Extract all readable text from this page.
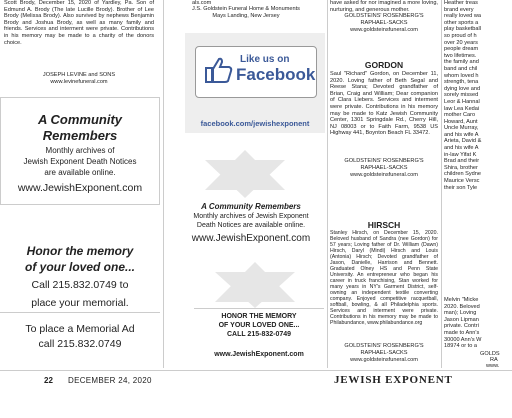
Scott Brody, December 15, 2020 of Yardley, Pa. Son of Edmund A. Brody (The late Lucille Brody). Brother of Lee Brody (Melissa Brody). Also survived by nephews Benjamin Brody and Joshua Brody, as well as many family and friends. Services and interment were private. Contributions in his memory may be made to a charity of the donors choice.

JOSEPH LEVINE and SONS

www.levinefuneral.com

A Community
Remembers
Monthly archives of
Jewish Exponent Death Notices
are available online.
www.JewishExponent.com
Honor the memory
of your loved one...
Call 215.832.0749 to
place your memorial.
To place a Memorial Ad
call 215.832.0749
als.com
J.S. Goldstein Funeral Home & Monuments
Mays Landing, New Jersey
Like us on
Facebook
facebook.com/jewishexponent
A Community Remembers
Monthly archives of Jewish Exponent
Death Notices are available online.
www.JewishExponent.com
HONOR THE MEMORY
OF YOUR LOVED ONE...
CALL 215-832-0749
www.JewishExponent.com

have asked for nor imagined a more loving, nurturing, and generous mother.

GOLDSTEINS' ROSENBERG'S

RAPHAEL-SACKS

www.goldsteinsfuneral.com

GORDON

Saul "Richard" Gordon, on December 11, 2020. Loving father of Beth Segal and Reese Stana; Devoted grandfather of Brian, Craig and William; Dear companion of Clara Liebers. Services and interment were private. Contributions in his memory may be made to Katz Jewish Community Center, 1301 Springdale Rd., Cherry Hill, NJ 08003 or to Faith Farm, 9538 US Highway 441, Boynton Beach FL 33472.

GOLDSTEINS' ROSENBERG'S

RAPHAEL-SACKS

www.goldsteinsfuneral.com

HIRSCH

Stanley Hirsch, on December 15, 2020. Beloved husband of Sandra (nee Gordon) for 57 years; Loving father of Dr. William (Dawn) Hirsch, Daryl (Mindi) Hirsch and Louis (Antonia) Hirsch; Devoted grandfather of Jason, Danielle, Harrison and Bennett. Graduated Olney HS and Penn State University. An entrepreneur who began his career in truck franchising, Stan worked for many years in NY's Garment District, self-owning an independent textile converting company. Enjoyed competitive racquetball, softball, bowling, & all Philadelphia sports. Services and interment were private. Contributions in his memory may be made to Philabundance, www.philabundance.org

GOLDSTEINS' ROSENBERG'S

RAPHAEL-SACKS

www.goldsteinsfuneral.com

Heather treas
brand every
really loved wa
other sports a
play basketball
so proud of h
over 20 years
people dream
two lifetimes.
the family and
band and chil
whom loved h
strength, tena
dying love and
sorely missed
Leor & Hannal
law Lea Kedai
mother Caro
Howard, Aunt
Uncle Murray,
and his wife A
Arieta, David &
and his wife A
in-law Yifat K
Brad and their
Shira, brother
children Sydne
Maurice Versc
their son Tyle
Melvin "Micke
2020. Beloved
man); Loving
Jason Lipman
private. Contri
made to Ann's
30000 Ann's W
18974 or to a

GOLDS

RA

www.

22 DECEMBER 24, 2020	JEWISH EXPONENT
